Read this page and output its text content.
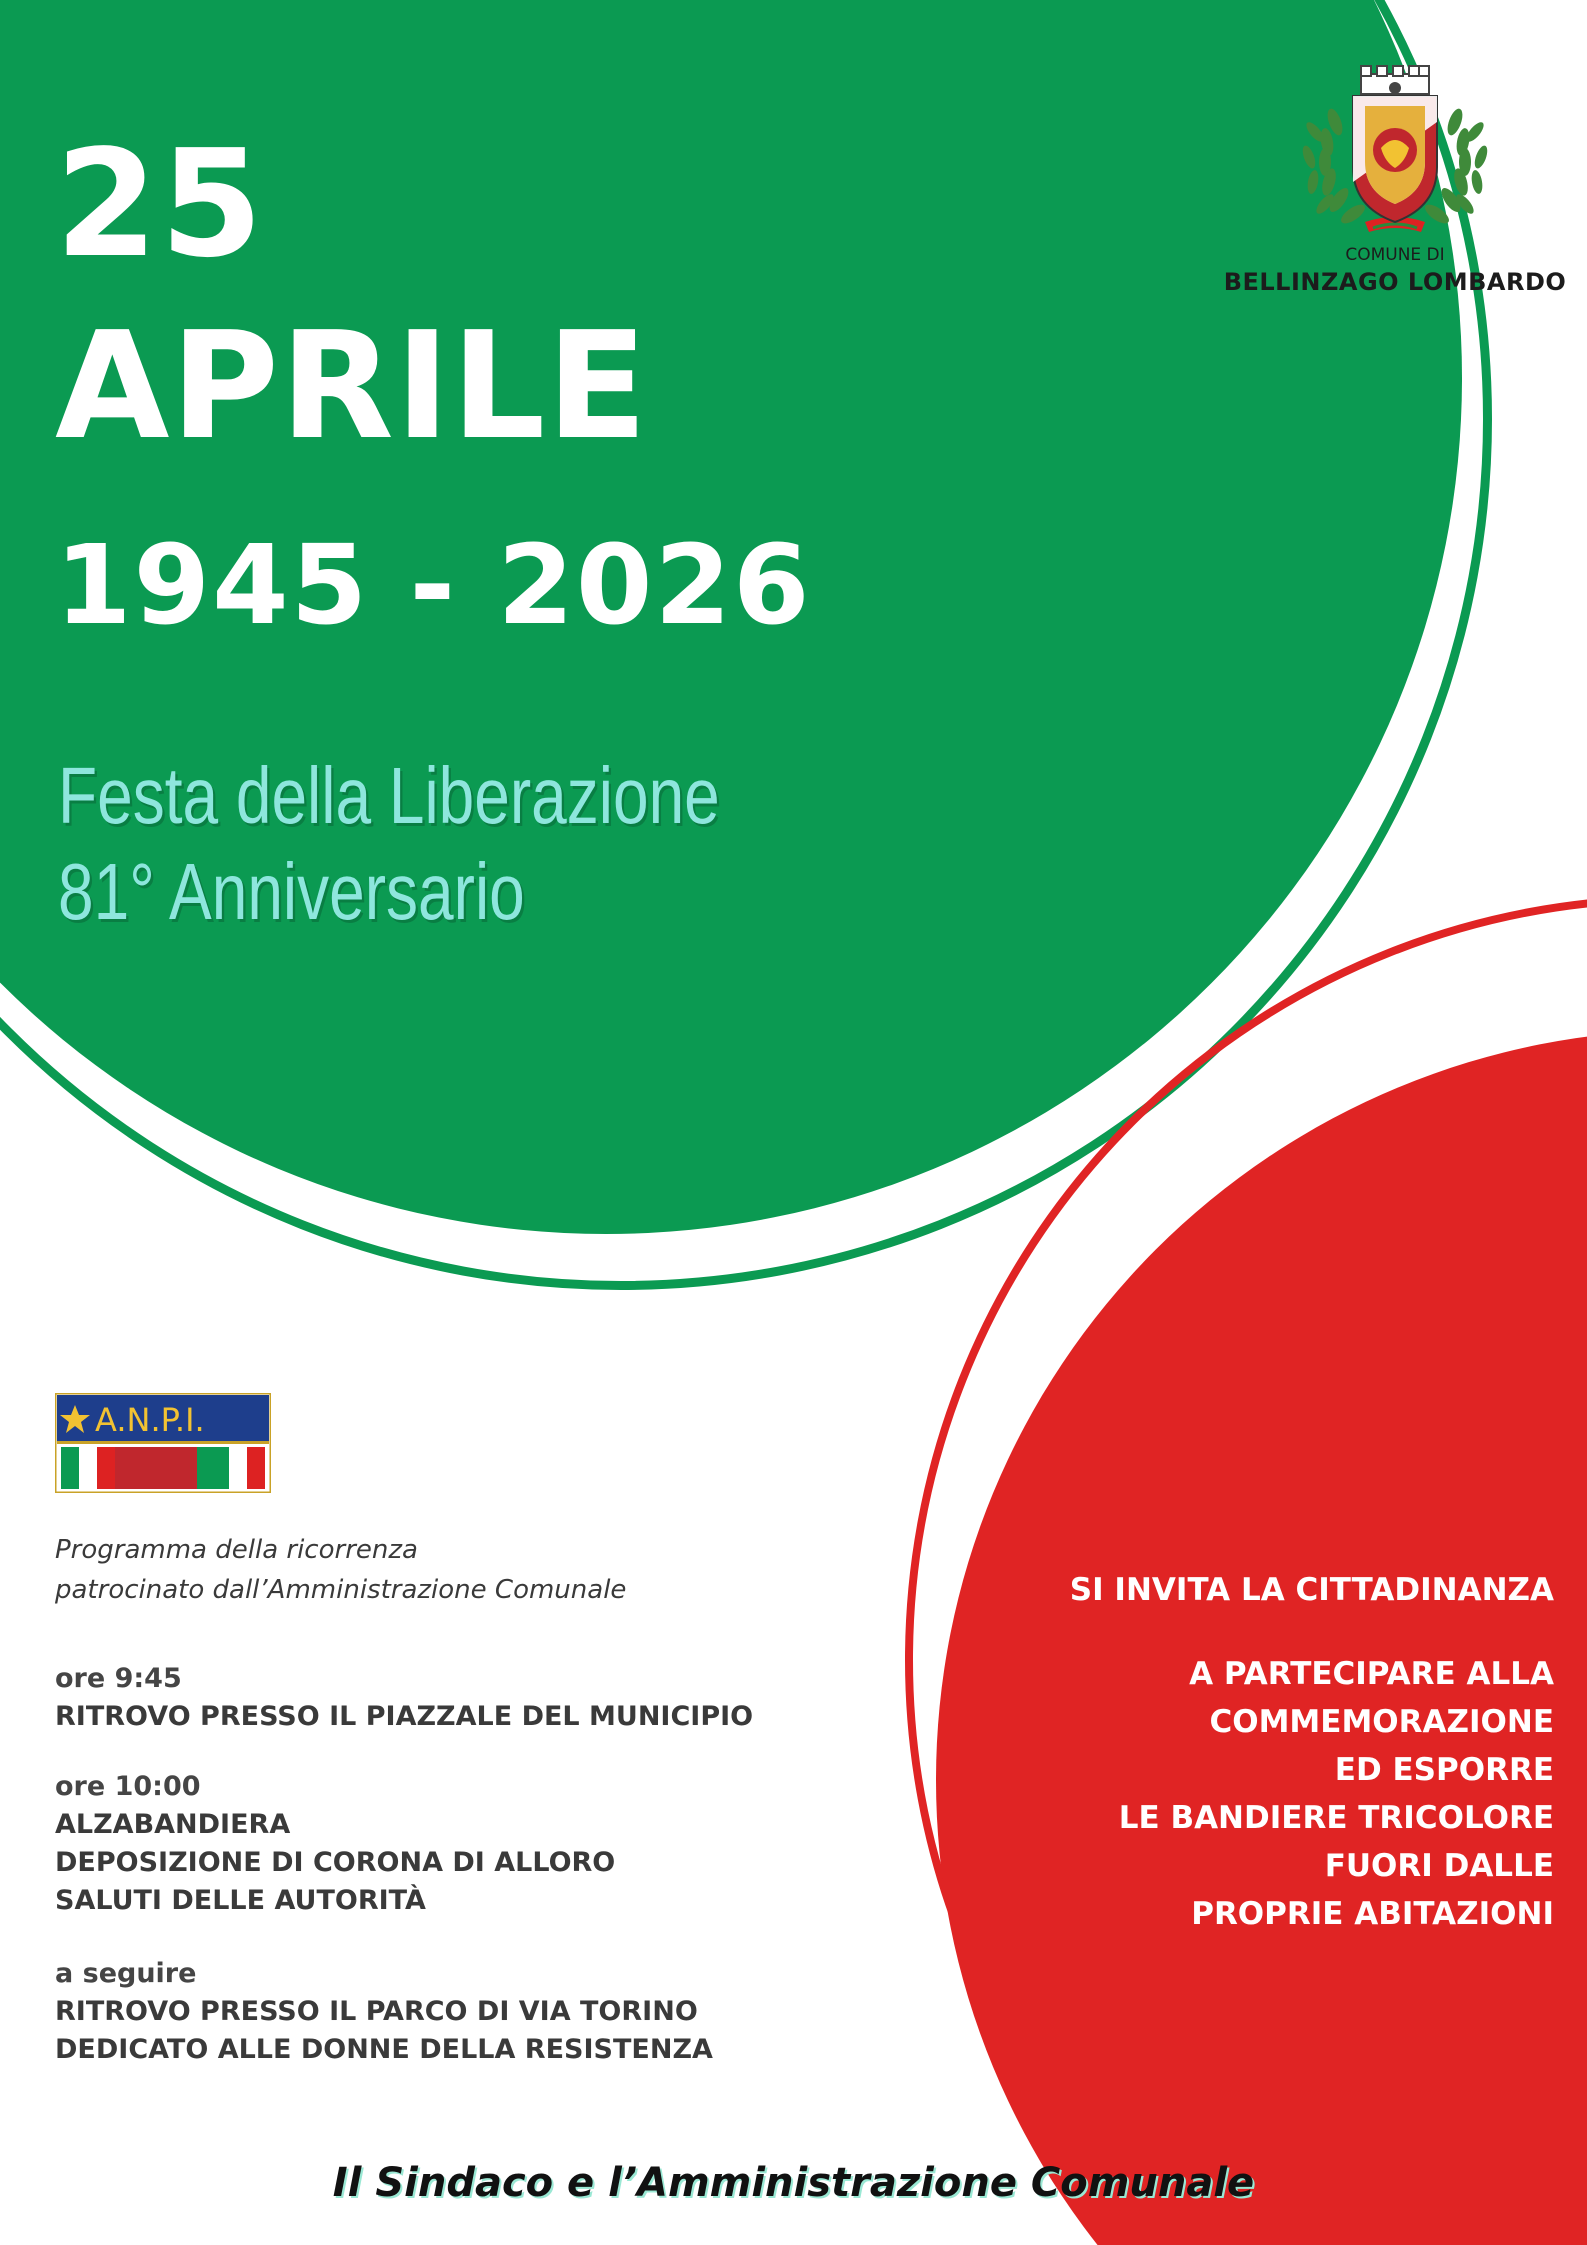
25
APRILE
1945 - 2026
Festa della Liberazione
81° Anniversario
COMUNE DI
BELLINZAGO LOMBARDO
A.N.P.I.
Programma della ricorrenza
patrocinato dall’Amministrazione Comunale
ore 9:45
RITROVO PRESSO IL PIAZZALE DEL MUNICIPIO
ore 10:00
ALZABANDIERA
DEPOSIZIONE DI CORONA DI ALLORO
SALUTI DELLE AUTORITÀ
a seguire
RITROVO PRESSO IL PARCO DI VIA TORINO
DEDICATO ALLE DONNE DELLA RESISTENZA
SI INVITA LA CITTADINANZA
A PARTECIPARE ALLA
COMMEMORAZIONE
ED ESPORRE
LE BANDIERE TRICOLORE
FUORI DALLE
PROPRIE ABITAZIONI
Il Sindaco e l’Amministrazione Comunale
